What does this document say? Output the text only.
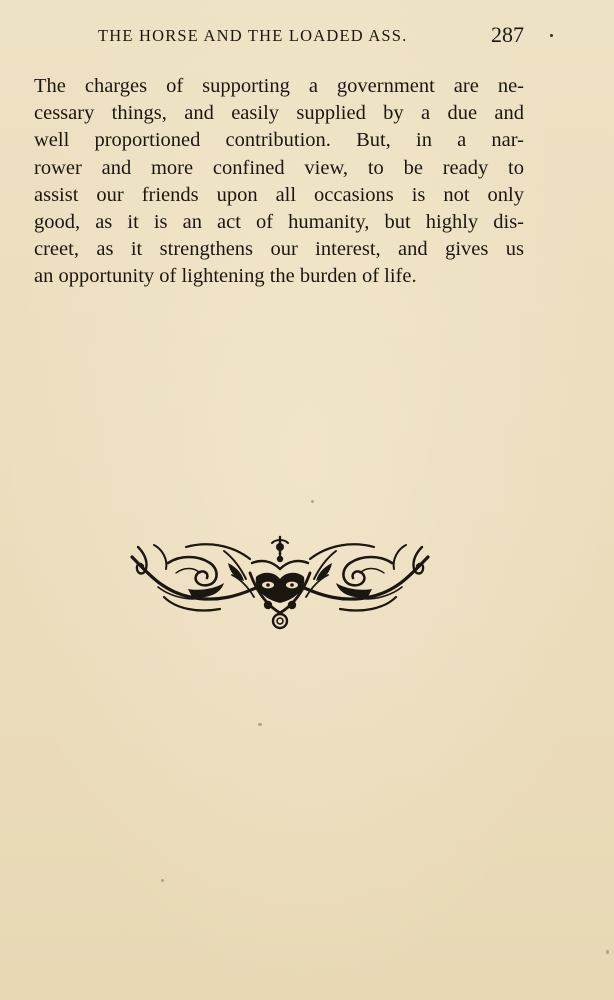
THE HORSE AND THE LOADED ASS.	287
The charges of supporting a government are ne-
cessary things, and easily supplied by a due and
well proportioned contribution. But, in a nar-
rower and more confined view, to be ready to
assist our friends upon all occasions is not only
good, as it is an act of humanity, but highly dis-
creet, as it strengthens our interest, and gives us
an opportunity of lightening the burden of life.
